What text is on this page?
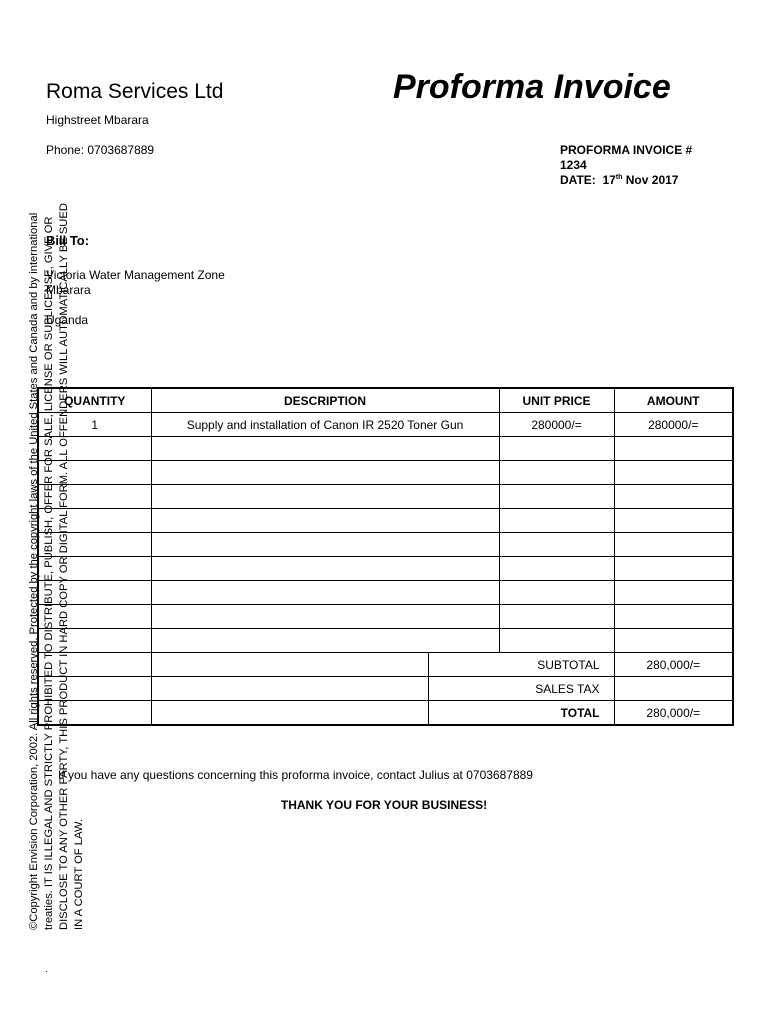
©Copyright Envision Corporation, 2002. All rights reserved. Protected by the copyright laws of the United States and Canada and by international treaties. IT IS ILLEGAL AND STRICTLY PROHIBITED TO DISTRIBUTE, PUBLISH, OFFER FOR SALE, LICENSE OR SUBLICENSE, GIVE OR DISCLOSE TO ANY OTHER PARTY, THIS PRODUCT IN HARD COPY OR DIGITAL FORM. ALL OFFENDERS WILL AUTOMATICALLY BE SUED IN A COURT OF LAW.
Roma Services Ltd	Proforma Invoice
Highstreet Mbarara
Phone: 0703687889	PROFORMA INVOICE #
1234
DATE: 17th Nov 2017
Bill To:
Victoria Water Management Zone
Mbarara
Uganda
QUANTITY	DESCRIPTION		UNIT PRICE	AMOUNT
1	Supply and installation of Canon IR 2520 Toner Gun		280000/=	280000/=

		SUBTOTAL		280,000/=
		SALES TAX		
		TOTAL		280,000/=
If you have any questions concerning this proforma invoice, contact Julius at 0703687889
THANK YOU FOR YOUR BUSINESS!
.
